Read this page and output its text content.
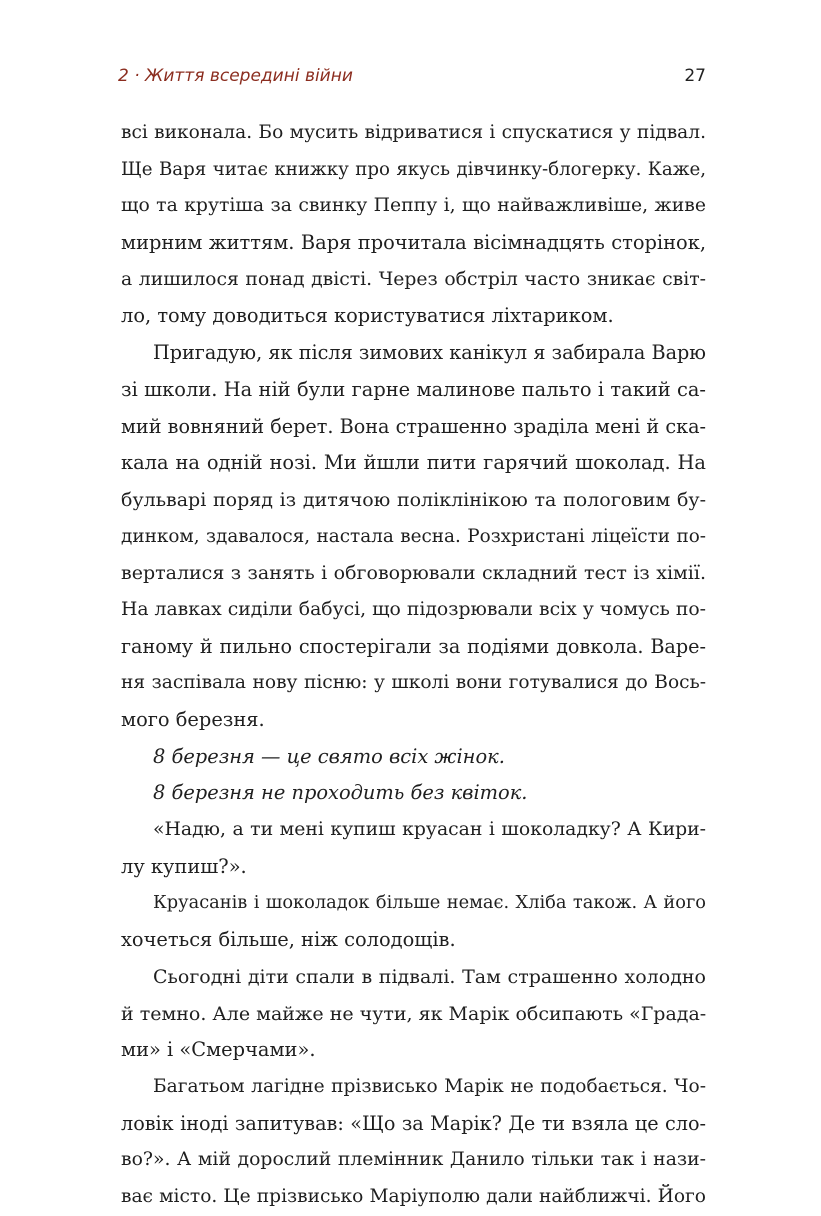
2 · Життя всередині війни	27
всі виконала. Бо мусить відриватися і спускатися у підвал.
Ще Варя читає книжку про якусь дівчинку-блогерку. Каже,
що та крутіша за свинку Пеппу і, що найважливіше, живе
мирним життям. Варя прочитала вісімнадцять сторінок,
а лишилося понад двісті. Через обстріл часто зникає світ-
ло, тому доводиться користуватися ліхтариком.
Пригадую, як після зимових канікул я забирала Варю
зі школи. На ній були гарне малинове пальто і такий са-
мий вовняний берет. Вона страшенно зраділа мені й ска-
кала на одній нозі. Ми йшли пити гарячий шоколад. На
бульварі поряд із дитячою поліклінікою та пологовим бу-
динком, здавалося, настала весна. Розхристані ліцеїсти по-
верталися з занять і обговорювали складний тест із хімії.
На лавках сиділи бабусі, що підозрювали всіх у чомусь по-
ганому й пильно спостерігали за подіями довкола. Варе-
ня заспівала нову пісню: у школі вони готувалися до Вось-
мого березня.
8 березня — це свято всіх жінок.
8 березня не проходить без квіток.
«Надю, а ти мені купиш круасан і шоколадку? А Кири-
лу купиш?».
Круасанів і шоколадок більше немає. Хліба також. А його
хочеться більше, ніж солодощів.
Сьогодні діти спали в підвалі. Там страшенно холодно
й темно. Але майже не чути, як Марік обсипають «Града-
ми» і «Смерчами».
Багатьом лагідне прізвисько Марік не подобається. Чо-
ловік іноді запитував: «Що за Марік? Де ти взяла це сло-
во?». А мій дорослий племінник Данило тільки так і нази-
ває місто. Це прізвисько Маріуполю дали найближчі. Його
